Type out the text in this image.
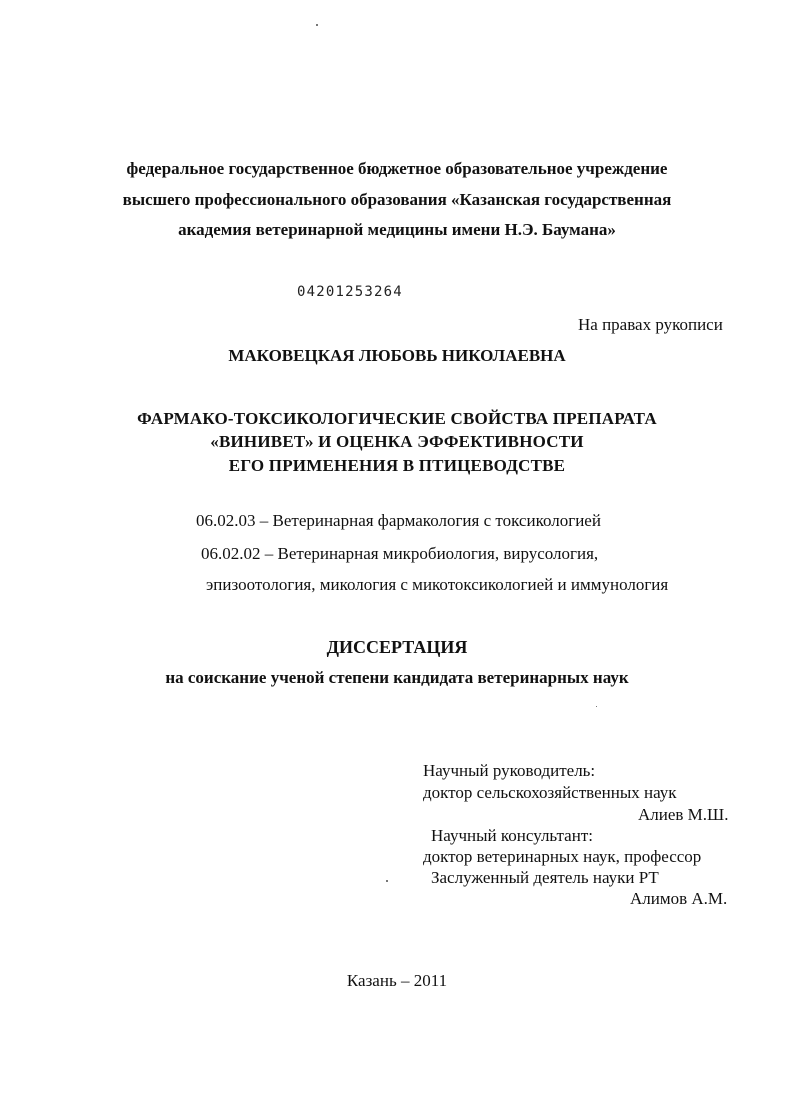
федеральное государственное бюджетное образовательное учреждение
высшего профессионального образования «Казанская государственная
академия ветеринарной медицины имени Н.Э. Баумана»
04201253264
На правах рукописи
МАКОВЕЦКАЯ ЛЮБОВЬ НИКОЛАЕВНА
ФАРМАКО-ТОКСИКОЛОГИЧЕСКИЕ СВОЙСТВА ПРЕПАРАТА
«ВИНИВЕТ» И ОЦЕНКА ЭФФЕКТИВНОСТИ
ЕГО ПРИМЕНЕНИЯ В ПТИЦЕВОДСТВЕ
06.02.03 – Ветеринарная фармакология с токсикологией
06.02.02 – Ветеринарная микробиология, вирусология,
эпизоотология, микология с микотоксикологией и иммунология
ДИССЕРТАЦИЯ
на соискание ученой степени кандидата ветеринарных наук
Научный руководитель:
доктор сельскохозяйственных наук
Алиев М.Ш.
Научный консультант:
доктор ветеринарных наук, профессор
Заслуженный деятель науки РТ
Алимов А.М.
Казань – 2011
